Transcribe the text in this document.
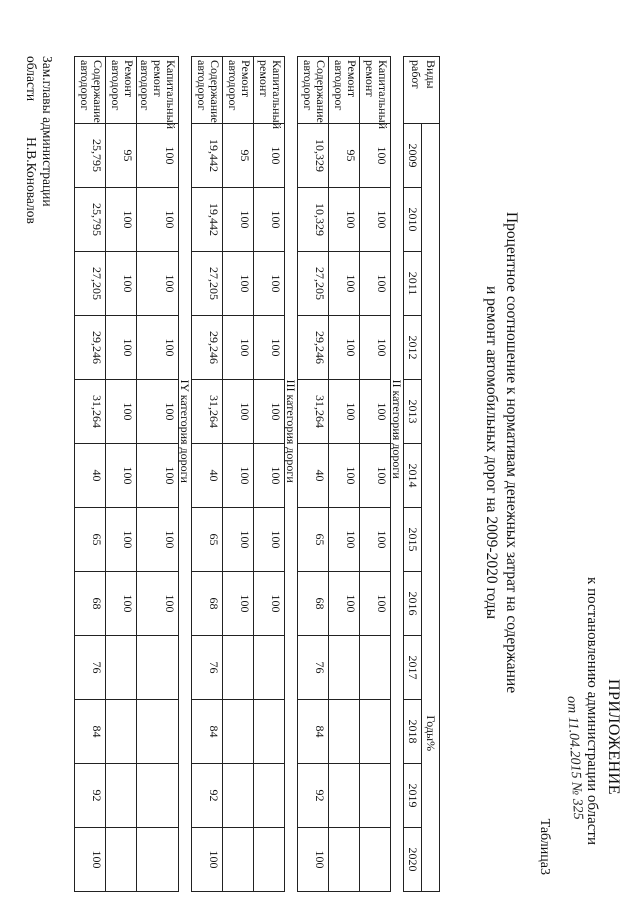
ПРИЛОЖЕНИЕ
к постановлению администрации области
от 11.04.2015 № 325
Таблица3
Процентное соотношение к нормативам денежных затрат на содержание
и ремонт автомобильных дорог на 2009-2020 годы
Виды работ	Годы%											
	2009	2010	2011	2012	2013	2014	2015	2016	2017	2018	2019	2020
					II категория дороги							
Капитальный ремонт	100	100	100	100	100	100	100	100				
Ремонт автодорог	95	100	100	100	100	100	100	100				
Содержание автодорог	10,329	10,329	27,205	29,246	31,264	40	65	68	76	84	92	100
					III категория дороги							
Капитальный ремонт	100	100	100	100	100	100	100	100				
Ремонт автодорог	95	100	100	100	100	100	100	100				
Содержание автодорог	19,442	19,442	27,205	29,246	31,264	40	65	68	76	84	92	100
					IY категория дороги							
Капитальный ремонт автодорог	100	100	100	100	100	100	100	100				
Ремонт автодорог	95	100	100	100	100	100	100	100				
Содержание автодорог	25,795	25,795	27,205	29,246	31,264	40	65	68	76	84	92	100
Зам.главы администрации
областиН.В.Коновалов
